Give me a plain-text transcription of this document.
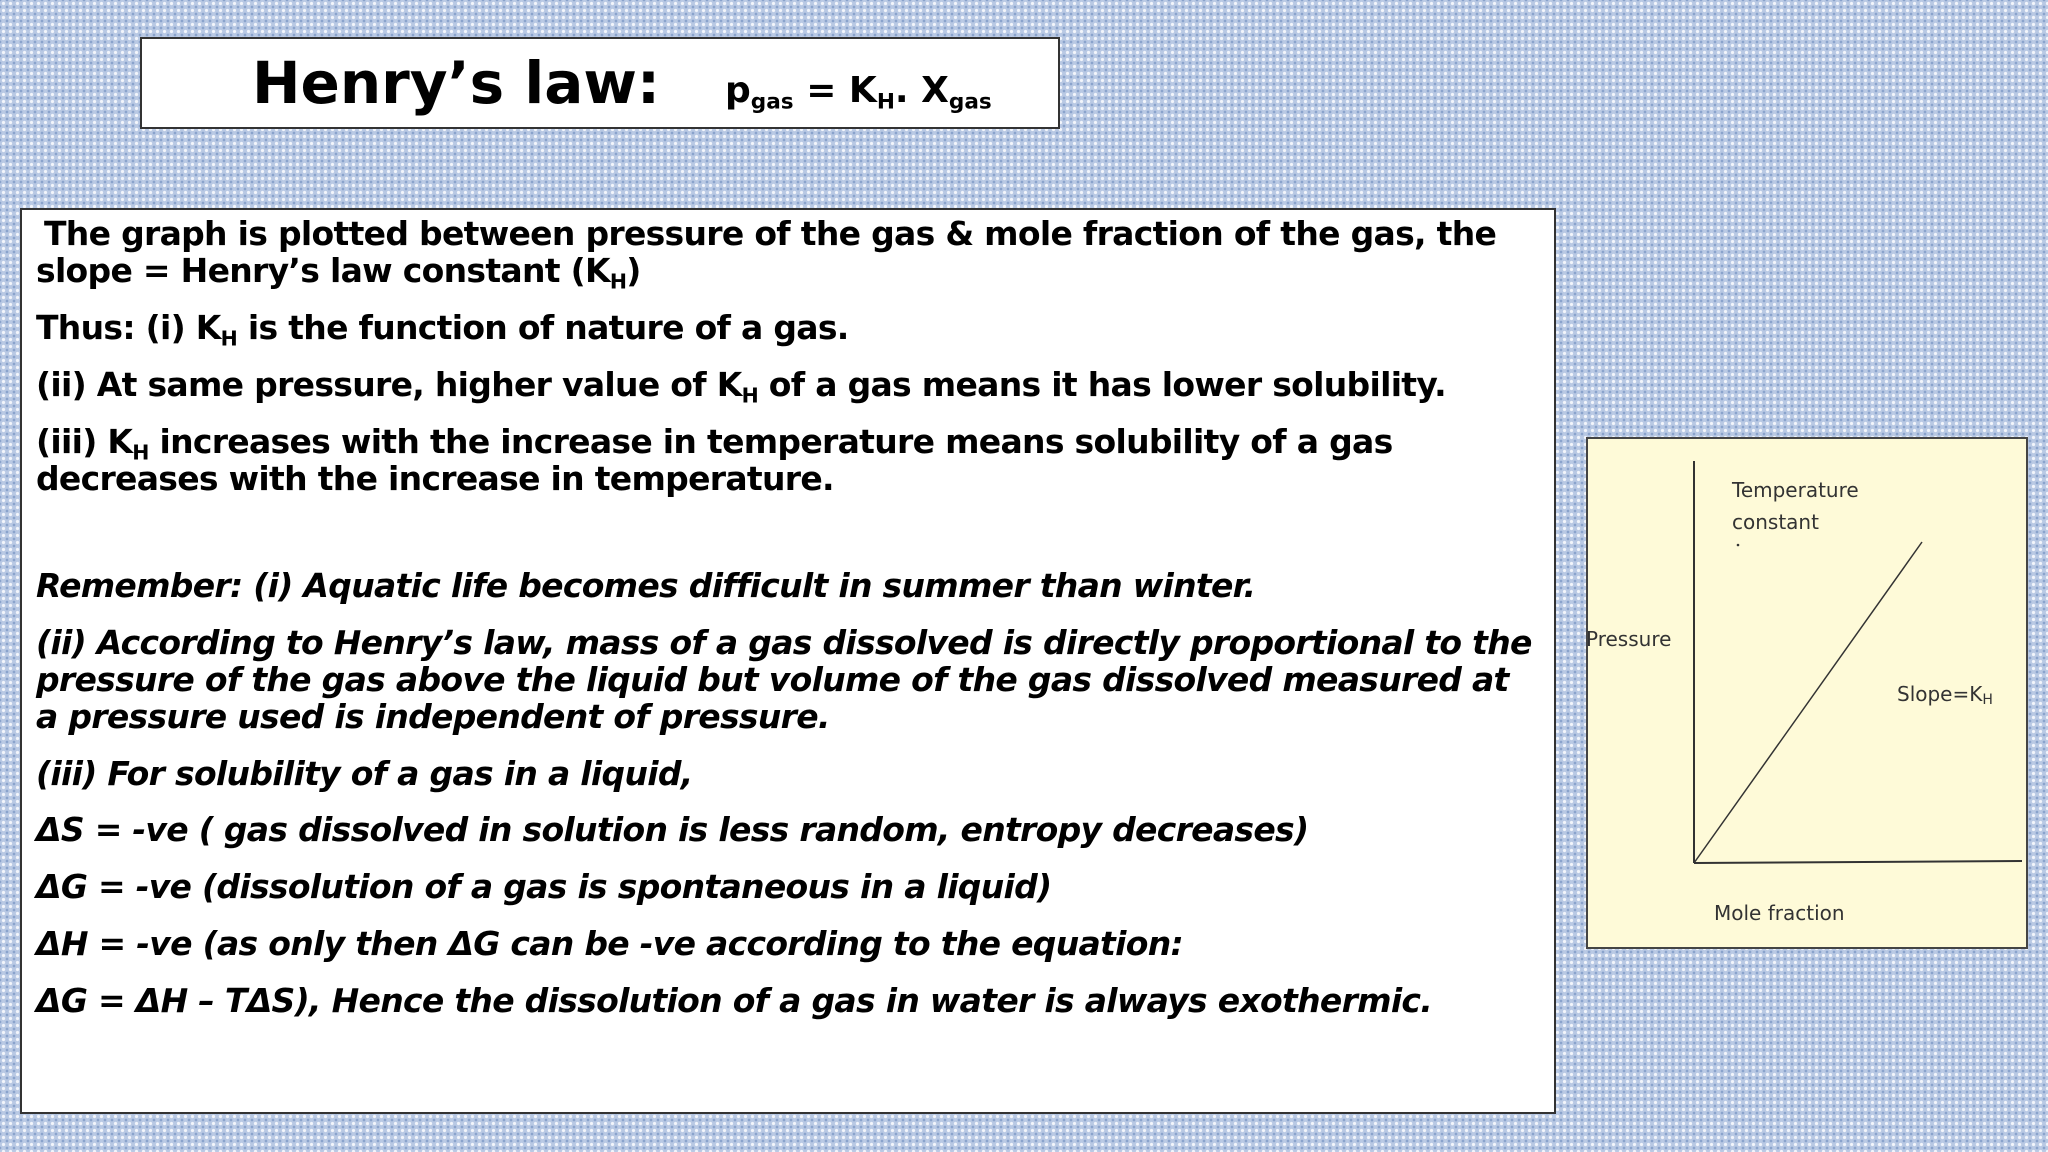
Henry’s law: $p_{gas} = K_H$. $X_{gas}$

The graph is plotted between pressure of the gas & mole fraction of the gas, the slope = Henry’s law constant $(K_H)$

Thus: (i) $K_H$ is the function of nature of a gas.

(ii) At same pressure, higher value of $K_H$ of a gas means it has lower solubility.

(iii) $K_H$ increases with the increase in temperature means solubility of a gas decreases with the increase in temperature.

Remember: (i) Aquatic life becomes difficult in summer than winter.

(ii) According to Henry’s law, mass of a gas dissolved is directly proportional to the pressure of the gas above the liquid but volume of the gas dissolved measured at a pressure used is independent of pressure.

(iii) For solubility of a gas in a liquid,

ΔS = -ve ( gas dissolved in solution is less random, entropy decreases)

ΔG = -ve (dissolution of a gas is spontaneous in a liquid)

ΔH = -ve (as only then ΔG can be -ve according to the equation:

ΔG = ΔH – TΔS), Hence the dissolution of a gas in water is always exothermic.

Temperature
constant
Pressure
$Slope=K_H$
Mole fraction
